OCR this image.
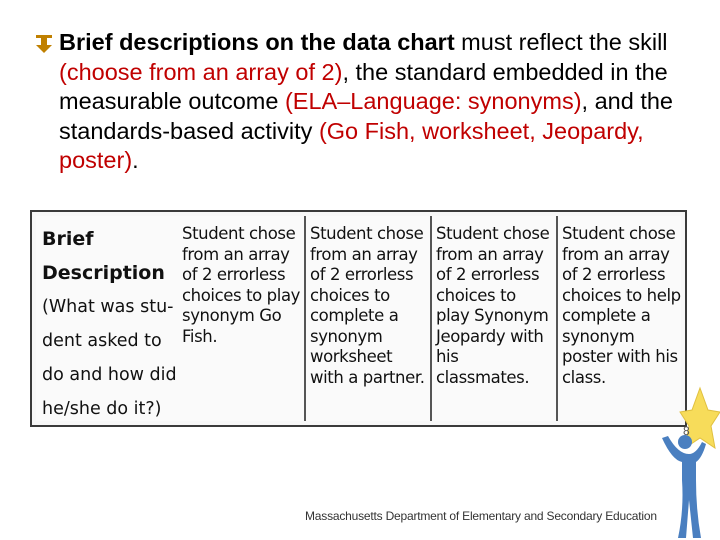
Brief descriptions on the data chart must reflect the skill (choose from an array of 2), the standard embedded in the measurable outcome (ELA–Language: synonyms), and the standards-based activity (Go Fish, worksheet, Jeopardy, poster).
Brief
Description
(What was stu-
dent asked to
do and how did
he/she do it?)
Student chose from an array of 2 errorless choices to play synonym Go Fish.
Student chose from an array of 2 errorless choices to complete a synonym worksheet with a partner.
Student chose from an array of 2 errorless choices to play Synonym Jeopardy with his classmates.
Student chose from an array of 2 errorless choices to help complete a synonym poster with his class.
8
Massachusetts Department of Elementary and Secondary Education
